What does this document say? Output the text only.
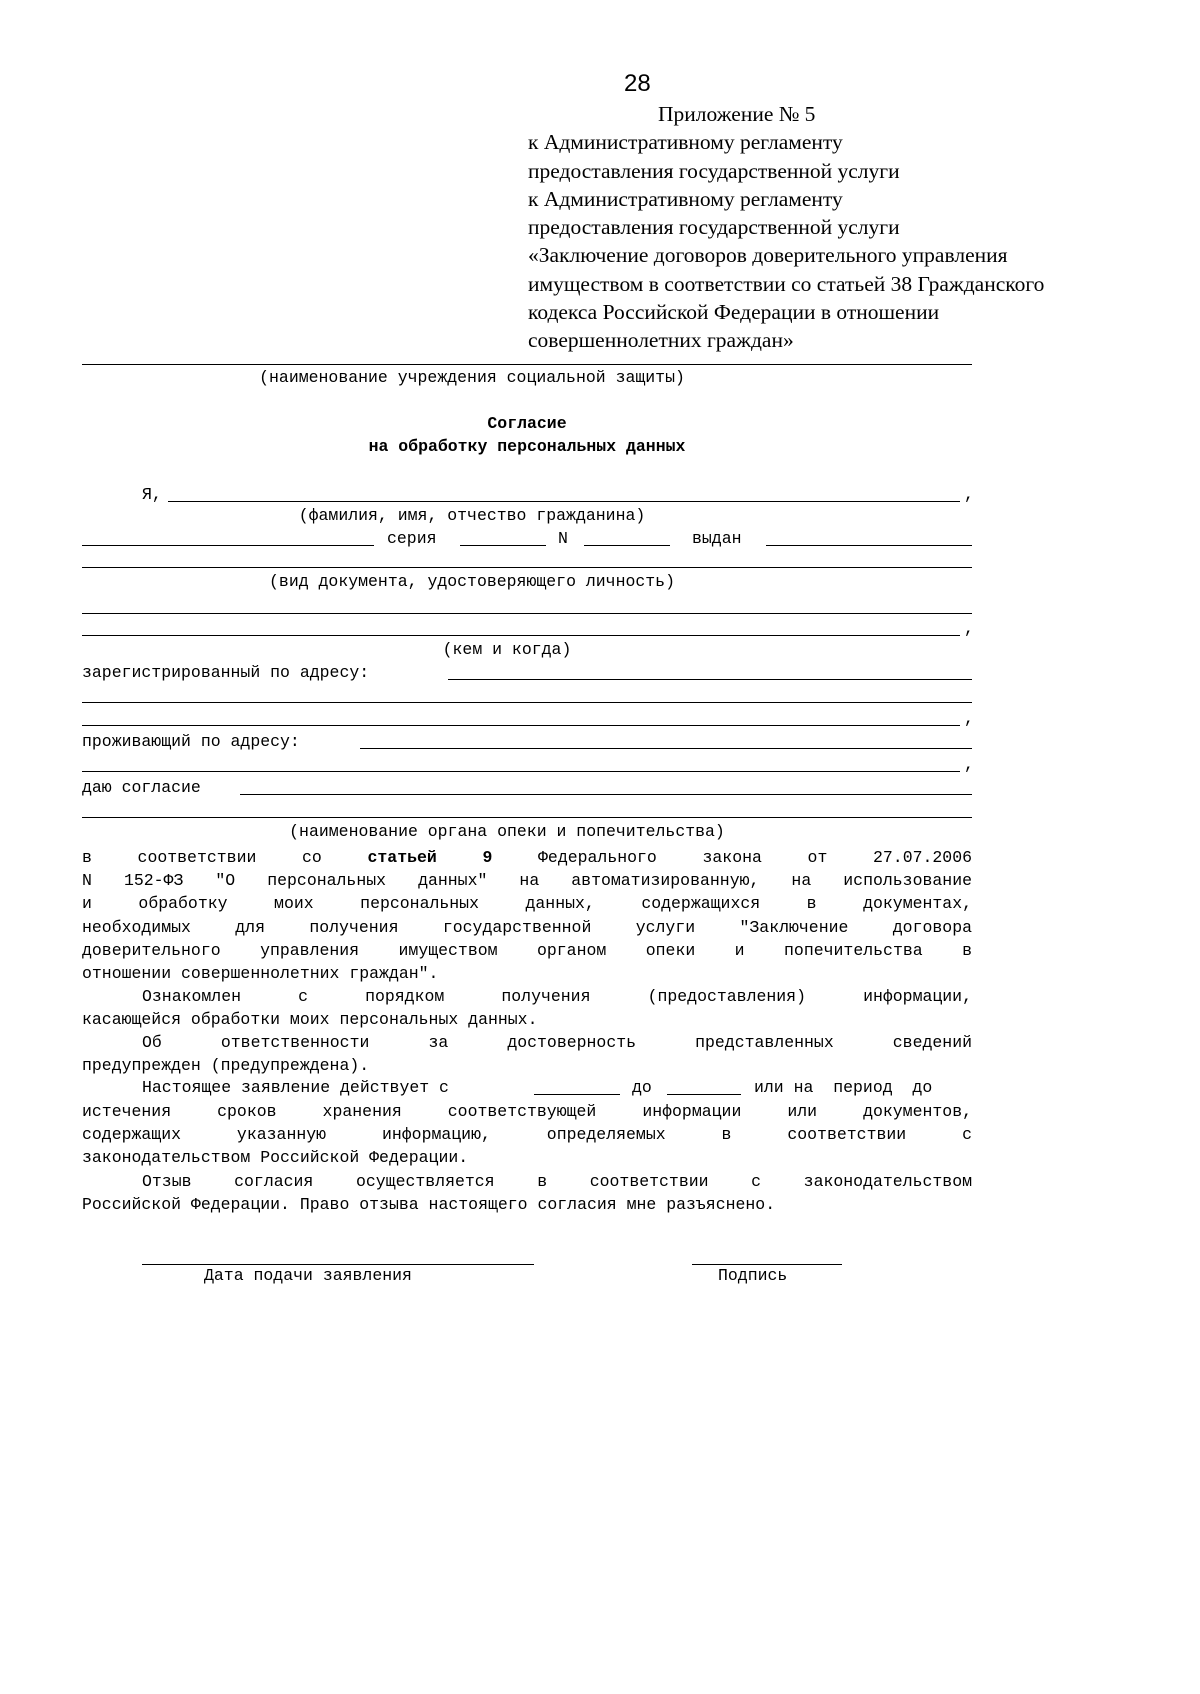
28
Приложение № 5
к Административному регламенту
предоставления государственной услуги
к Административному регламенту
предоставления государственной услуги
«Заключение договоров доверительного управления
имуществом в соответствии со статьей 38 Гражданского
кодекса Российской Федерации в отношении
совершеннолетних граждан»
(наименование учреждения социальной защиты)
Согласие
на обработку персональных данных
Я,	,
(фамилия, имя, отчество гражданина)
серия	N	выдан
(вид документа, удостоверяющего личность)
,
(кем и когда)
зарегистрированный по адресу:
,
проживающий по адресу:
,
даю согласие
(наименование органа опеки и попечительства)
в соответствии со	статьей 9	Федерального закона от 27.07.2006
N 152-ФЗ "О персональных данных" на автоматизированную, на использование
и обработку моих персональных данных, содержащихся в документах,
необходимых для получения государственной услуги "Заключение договора
доверительного управления имуществом органом опеки и попечительства в
отношении совершеннолетних граждан".
Ознакомлен с порядком получения (предоставления) информации,
касающейся обработки моих персональных данных.
Об ответственности за достоверность представленных сведений
предупрежден (предупреждена).
Настоящее заявление действует с	до	или на  период  до
истечения сроков хранения соответствующей информации или документов,
содержащих указанную информацию, определяемых в соответствии с
законодательством Российской Федерации.
Отзыв согласия осуществляется в соответствии с законодательством
Российской Федерации. Право отзыва настоящего согласия мне разъяснено.
Дата подачи заявления	Подпись
